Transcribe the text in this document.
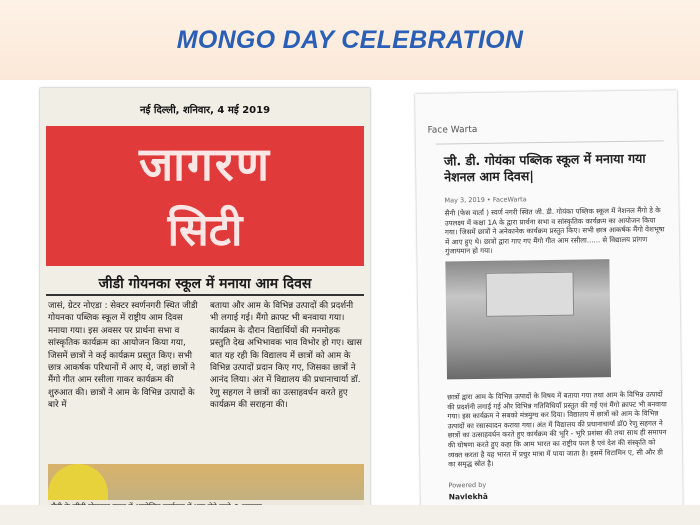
MONGO DAY CELEBRATION
नई दिल्ली, शनिवार, 4 मई 2019
जागरण
सिटी
जीडी गोयनका स्कूल में मनाया आम दिवस
जासं, ग्रेटर नोएडा : सेक्टर स्वर्णनगरी स्थित जीडी गोयनका पब्लिक स्कूल में राष्ट्रीय आम दिवस मनाया गया। इस अवसर पर प्रार्थना सभा व सांस्कृतिक कार्यक्रम का आयोजन किया गया, जिसमें छात्रों ने कई कार्यक्रम प्रस्तुत किए। सभी छात्र आकर्षक परिधानों में आए थे, जहां छात्रों ने मैंगो गीत आम रसीला गाकर कार्यक्रम की शुरुआत की। छात्रों ने आम के विभिन्न उत्पादों के बारे में
बताया और आम के विभिन्न उत्पादों की प्रदर्शनी भी लगाई गई। मैंगो क्राफ्ट भी बनवाया गया। कार्यक्रम के दौरान विद्यार्थियों की मनमोहक प्रस्तुति देख अभिभावक भाव विभोर हो गए। खास बात यह रही कि विद्यालय में छात्रों को आम के विभिन्न उत्पादों प्रदान किए गए, जिसका छात्रों ने आनंद लिया। अंत में विद्यालय की प्रधानाचार्या डॉ. रेणु सहगल ने छात्रों का उत्साहवर्धन करते हुए कार्यक्रम की सराहना की।
Face Warta
जी. डी. गोयंका पब्लिक स्कूल में मनाया गया नेशनल आम दिवस|
May 3, 2019 • FaceWarta
सैनी (फेस वार्ता ) स्वर्ण नगरी स्थित जी. डी. गोयंका पब्लिक स्कूल में नेशनल मैंगो डे के उपलक्ष्य में कक्षा 1A के द्वारा प्रार्थना सभा व सांस्कृतिक कार्यक्रम का आयोजन किया गया। जिसमें छात्रों ने अनेकानेक कार्यक्रम प्रस्तुत किए। सभी छात्र आकर्षक मैंगो वेशभूषा में आए हुए थे। छात्रों द्वारा गाए गए मैंगो गीत आम रसीला...... से विद्यालय प्रांगण गुंजायमान हो गया।
छात्रों द्वारा आम के विभिन्न उत्पादों के विषय में बताया गया तथा आम के विभिन्न उत्पादों की प्रदर्शनी लगाई गई और विभिन्न गतिविधियाँ प्रस्तुत की गईं एवं मैंगो क्राफ्ट भी बनवाया गया। इस कार्यक्रम ने सबको मंत्रमुग्ध कर दिया। विद्यालय में छात्रों को आम के विभिन्न उत्पादों का रसास्वादन कराया गया। अंत में विद्यालय की प्रधानाचार्या डॉ0 रेणु सहगल ने छात्रों का उत्साहवर्धन करते हुए कार्यक्रम की भूरि - भूरि प्रशंसा की तथा साथ ही समापन की घोषणा करते हुए कहा कि आम भारत का राष्ट्रीय फल है एवं देश की संस्कृति को व्यक्त करता है यह भारत में प्रचुर मात्रा में पाया जाता है। इसमें विटामिन ए, सी और डी का समृद्ध स्रोत है।
Powered by
Navlekhā
